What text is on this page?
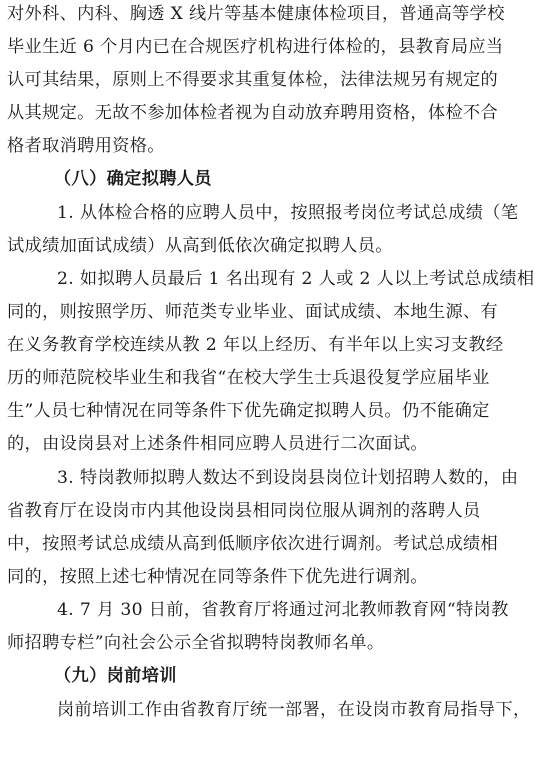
对外科、内科、胸透 X 线片等基本健康体检项目，普通高等学校
毕业生近 6 个月内已在合规医疗机构进行体检的，县教育局应当
认可其结果，原则上不得要求其重复体检，法律法规另有规定的
从其规定。无故不参加体检者视为自动放弃聘用资格，体检不合
格者取消聘用资格。
（八）确定拟聘人员
1. 从体检合格的应聘人员中，按照报考岗位考试总成绩（笔
试成绩加面试成绩）从高到低依次确定拟聘人员。
2. 如拟聘人员最后 1 名出现有 2 人或 2 人以上考试总成绩相
同的，则按照学历、师范类专业毕业、面试成绩、本地生源、有
在义务教育学校连续从教 2 年以上经历、有半年以上实习支教经
历的师范院校毕业生和我省“在校大学生士兵退役复学应届毕业
生”人员七种情况在同等条件下优先确定拟聘人员。仍不能确定
的，由设岗县对上述条件相同应聘人员进行二次面试。
3. 特岗教师拟聘人数达不到设岗县岗位计划招聘人数的，由
省教育厅在设岗市内其他设岗县相同岗位服从调剂的落聘人员
中，按照考试总成绩从高到低顺序依次进行调剂。考试总成绩相
同的，按照上述七种情况在同等条件下优先进行调剂。
4. 7 月 30 日前，省教育厅将通过河北教师教育网“特岗教
师招聘专栏”向社会公示全省拟聘特岗教师名单。
（九）岗前培训
岗前培训工作由省教育厅统一部署，在设岗市教育局指导下，
